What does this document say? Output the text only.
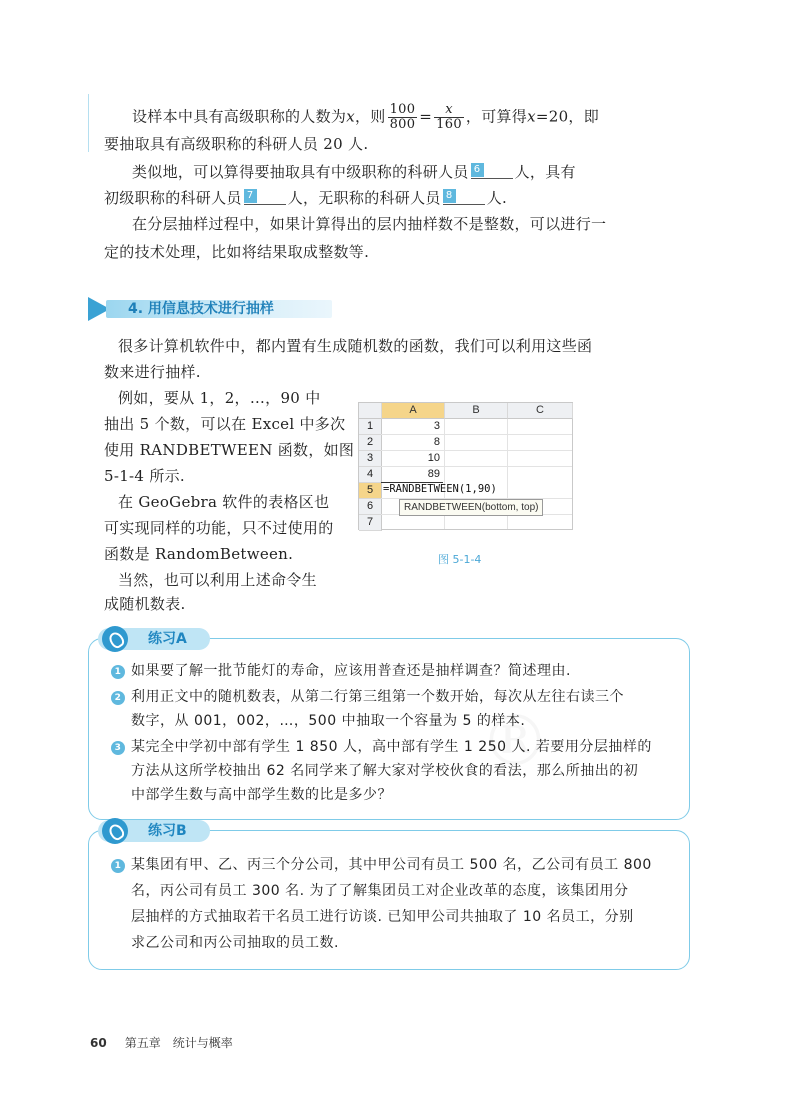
设样本中具有高级职称的人数为x，则 $\frac{100}{800} = \frac{x}{160}$ ，可算得x=20，即
要抽取具有高级职称的科研人员 20 人.
类似地，可以算得要抽取具有中级职称的科研人员 6 人，具有
初级职称的科研人员 7 人，无职称的科研人员 8 人.
在分层抽样过程中，如果计算得出的层内抽样数不是整数，可以进行一
定的技术处理，比如将结果取成整数等.
4. 用信息技术进行抽样
很多计算机软件中，都内置有生成随机数的函数，我们可以利用这些函
数来进行抽样.
例如，要从 1，2，…，90 中
抽出 5 个数，可以在 Excel 中多次
使用 RANDBETWEEN 函数，如图
5-1-4 所示.
在 GeoGebra 软件的表格区也
可实现同样的功能，只不过使用的
函数是 RandomBetween.
当然，也可以利用上述命令生
成随机数表.
A	B	C
1
2
3
4
5
6
7
3
8
10
89
=RANDBETWEEN(1,90)
RANDBETWEEN(bottom, top)
图 5-1-4
®
1 如果要了解一批节能灯的寿命，应该用普查还是抽样调查？简述理由.
2 利用正文中的随机数表，从第二行第三组第一个数开始，每次从左往右读三个
数字，从 001，002，…，500 中抽取一个容量为 5 的样本.
3 某完全中学初中部有学生 1 850 人，高中部有学生 1 250 人. 若要用分层抽样的
方法从这所学校抽出 62 名同学来了解大家对学校伙食的看法，那么所抽出的初
中部学生数与高中部学生数的比是多少？
练习A
1 某集团有甲、乙、丙三个分公司，其中甲公司有员工 500 名，乙公司有员工 800
名，丙公司有员工 300 名. 为了了解集团员工对企业改革的态度，该集团用分
层抽样的方式抽取若干名员工进行访谈. 已知甲公司共抽取了 10 名员工，分别
求乙公司和丙公司抽取的员工数.
练习B
60 第五章　统计与概率
